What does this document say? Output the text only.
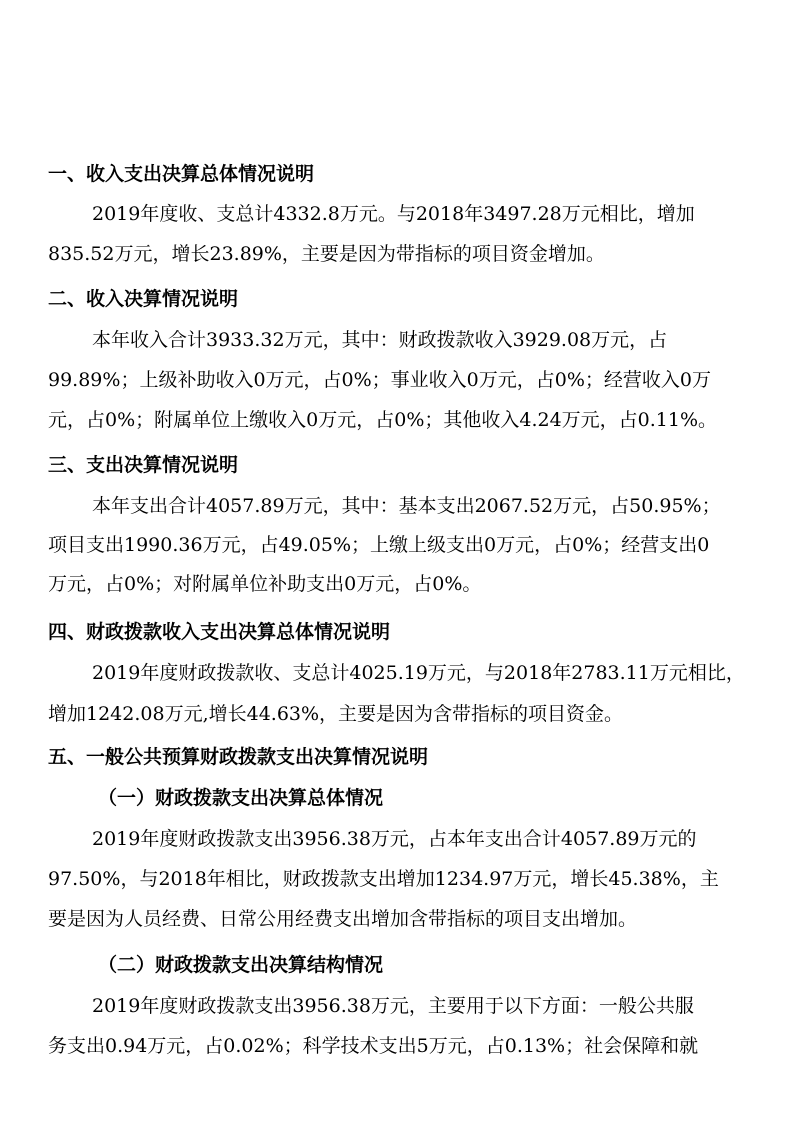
一、收入支出决算总体情况说明
2019年度收、支总计4332.8万元。与2018年3497.28万元相比，增加
835.52万元，增长23.89%，主要是因为带指标的项目资金增加。
二、收入决算情况说明
本年收入合计3933.32万元，其中：财政拨款收入3929.08万元，占
99.89%；上级补助收入0万元，占0%；事业收入0万元，占0%；经营收入0万
元，占0%；附属单位上缴收入0万元，占0%；其他收入4.24万元，占0.11%。
三、支出决算情况说明
本年支出合计4057.89万元，其中：基本支出2067.52万元，占50.95%；
项目支出1990.36万元，占49.05%；上缴上级支出0万元，占0%；经营支出0
万元，占0%；对附属单位补助支出0万元，占0%。
四、财政拨款收入支出决算总体情况说明
2019年度财政拨款收、支总计4025.19万元，与2018年2783.11万元相比，
增加1242.08万元,增长44.63%，主要是因为含带指标的项目资金。
五、一般公共预算财政拨款支出决算情况说明
（一）财政拨款支出决算总体情况
2019年度财政拨款支出3956.38万元，占本年支出合计4057.89万元的
97.50%，与2018年相比，财政拨款支出增加1234.97万元，增长45.38%，主
要是因为人员经费、日常公用经费支出增加含带指标的项目支出增加。
（二）财政拨款支出决算结构情况
2019年度财政拨款支出3956.38万元，主要用于以下方面：一般公共服
务支出0.94万元，占0.02%；科学技术支出5万元，占0.13%；社会保障和就
